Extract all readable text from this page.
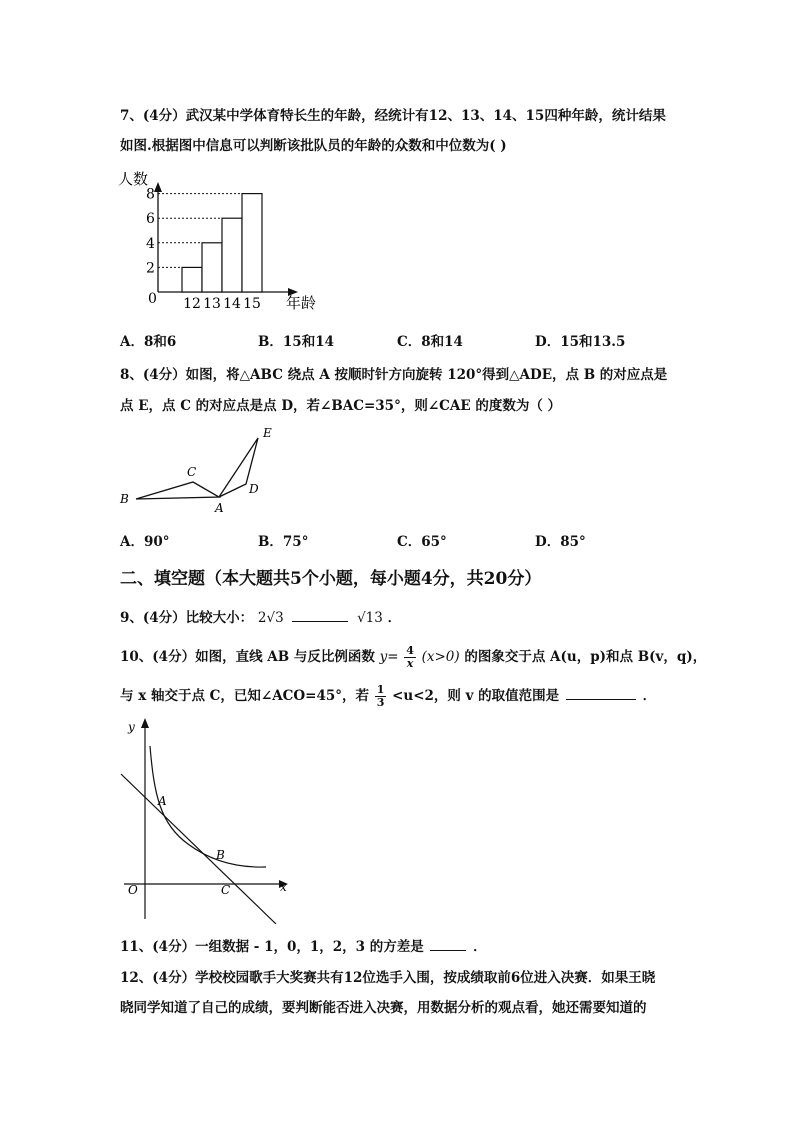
7、(4分）武汉某中学体育特长生的年龄，经统计有12、13、14、15四种年龄，统计结果
如图.根据图中信息可以判断该批队员的年龄的众数和中位数为( )
人数
年龄
0
2
4
6
8
12 13 14 15
A．8和6	B．15和14	C．8和14	D．15和13.5
8、(4分）如图，将△ABC 绕点 A 按顺时针方向旋转 120°得到△ADE，点 B 的对应点是
点 E，点 C 的对应点是点 D，若∠BAC=35°，则∠CAE 的度数为（ ）
B
C
A
D
E
A．90°	B．75°	C．65°	D．85°
二、填空题（本大题共5个小题，每小题4分，共20分）
9、(4分）比较大小： 2√3	√13 ．
10、(4分）如图，直线 AB 与反比例函数 $y= \frac{4}{x} (x>0)$ 的图象交于点 A(u，p)和点 B(v，q)，
与 x 轴交于点 C，已知∠ACO=45°，若 $\frac{1}{3} <u<2$，则 v 的取值范围是	．
y
x
O
A
B
C
11、(4分）一组数据 - 1，0，1，2，3 的方差是	．
12、(4分）学校校园歌手大奖赛共有12位选手入围，按成绩取前6位进入决赛．如果王晓
晓同学知道了自己的成绩，要判断能否进入决赛，用数据分析的观点看，她还需要知道的
